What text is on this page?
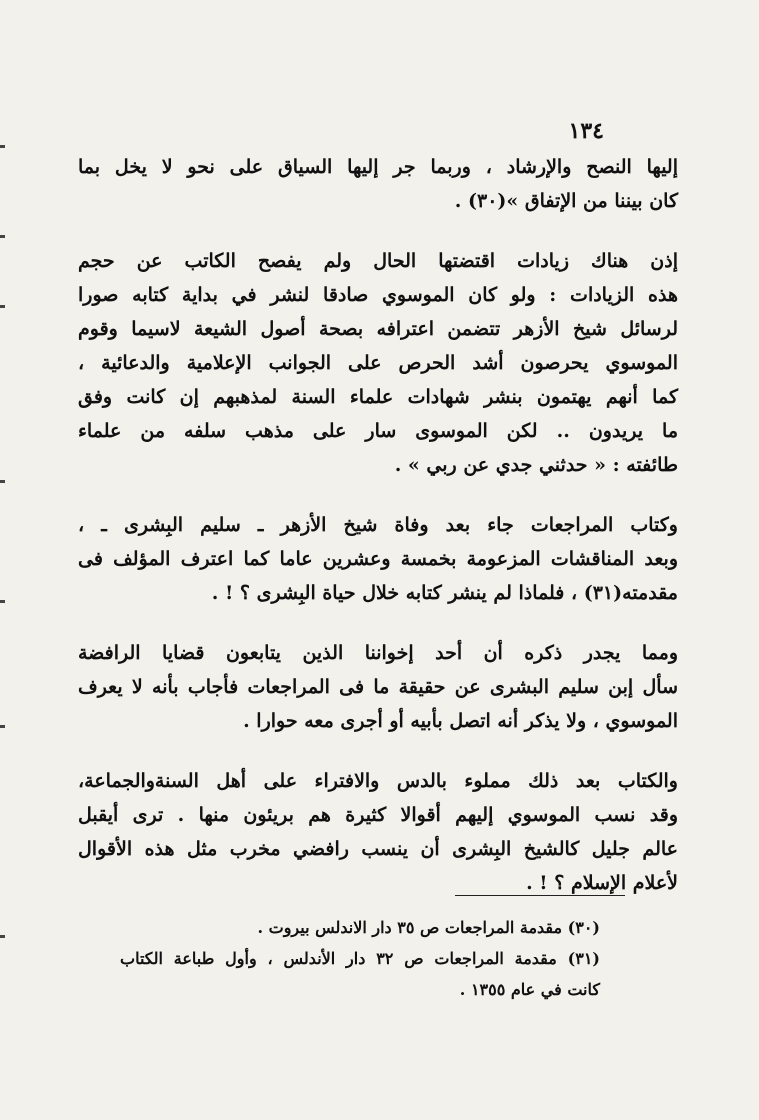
١٣٤
إليها النصح والإرشاد ، وربما جر إليها السياق على نحو لا يخل بما
كان بيننا من الإتفاق »(٣٠) .
إذن هناك زيادات اقتضتها الحال ولم يفصح الكاتب عن حجم
هذه الزيادات : ولو كان الموسوي صادقا لنشر في بداية كتابه صورا
لرسائل شيخ الأزهر تتضمن اعترافه بصحة أصول الشيعة لاسيما وقوم
الموسوي يحرصون أشد الحرص على الجوانب الإعلامية والدعائية ،
كما أنهم يهتمون بنشر شهادات علماء السنة لمذهبهم إن كانت وفق
ما يريدون .. لكن الموسوى سار على مذهب سلفه من علماء
طائفته : « حدثني جدي عن ربي » .
وكتاب المراجعات جاء بعد وفاة شيخ الأزهر ـ سليم البِشرى ـ ،
وبعد المناقشات المزعومة بخمسة وعشرين عاما كما اعترف المؤلف فى
مقدمته(٣١) ، فلماذا لم ينشر كتابه خلال حياة البِشرى ؟ ! .
ومما يجدر ذكره أن أحد إخواننا الذين يتابعون قضايا الرافضة
سأل إبن سليم البشرى عن حقيقة ما فى المراجعات فأجاب بأنه لا يعرف
الموسوي ، ولا يذكر أنه اتصل بأبيه أو أجرى معه حوارا .
والكتاب بعد ذلك مملوء بالدس والافتراء على أهل السنةوالجماعة،
وقد نسب الموسوي إليهم أقوالا كثيرة هم بريئون منها . ترى أيقبل
عالم جليل كالشيخ البِشرى أن ينسب رافضي مخرب مثل هذه الأقوال
لأعلام الإسلام ؟ ! .
(٣٠) مقدمة المراجعات ص ٣٥ دار الاندلس بيروت .
(٣١) مقدمة المراجعات ص ٣٢ دار الأندلس ، وأول طباعة الكتاب
كانت في عام ١٣٥٥ .
